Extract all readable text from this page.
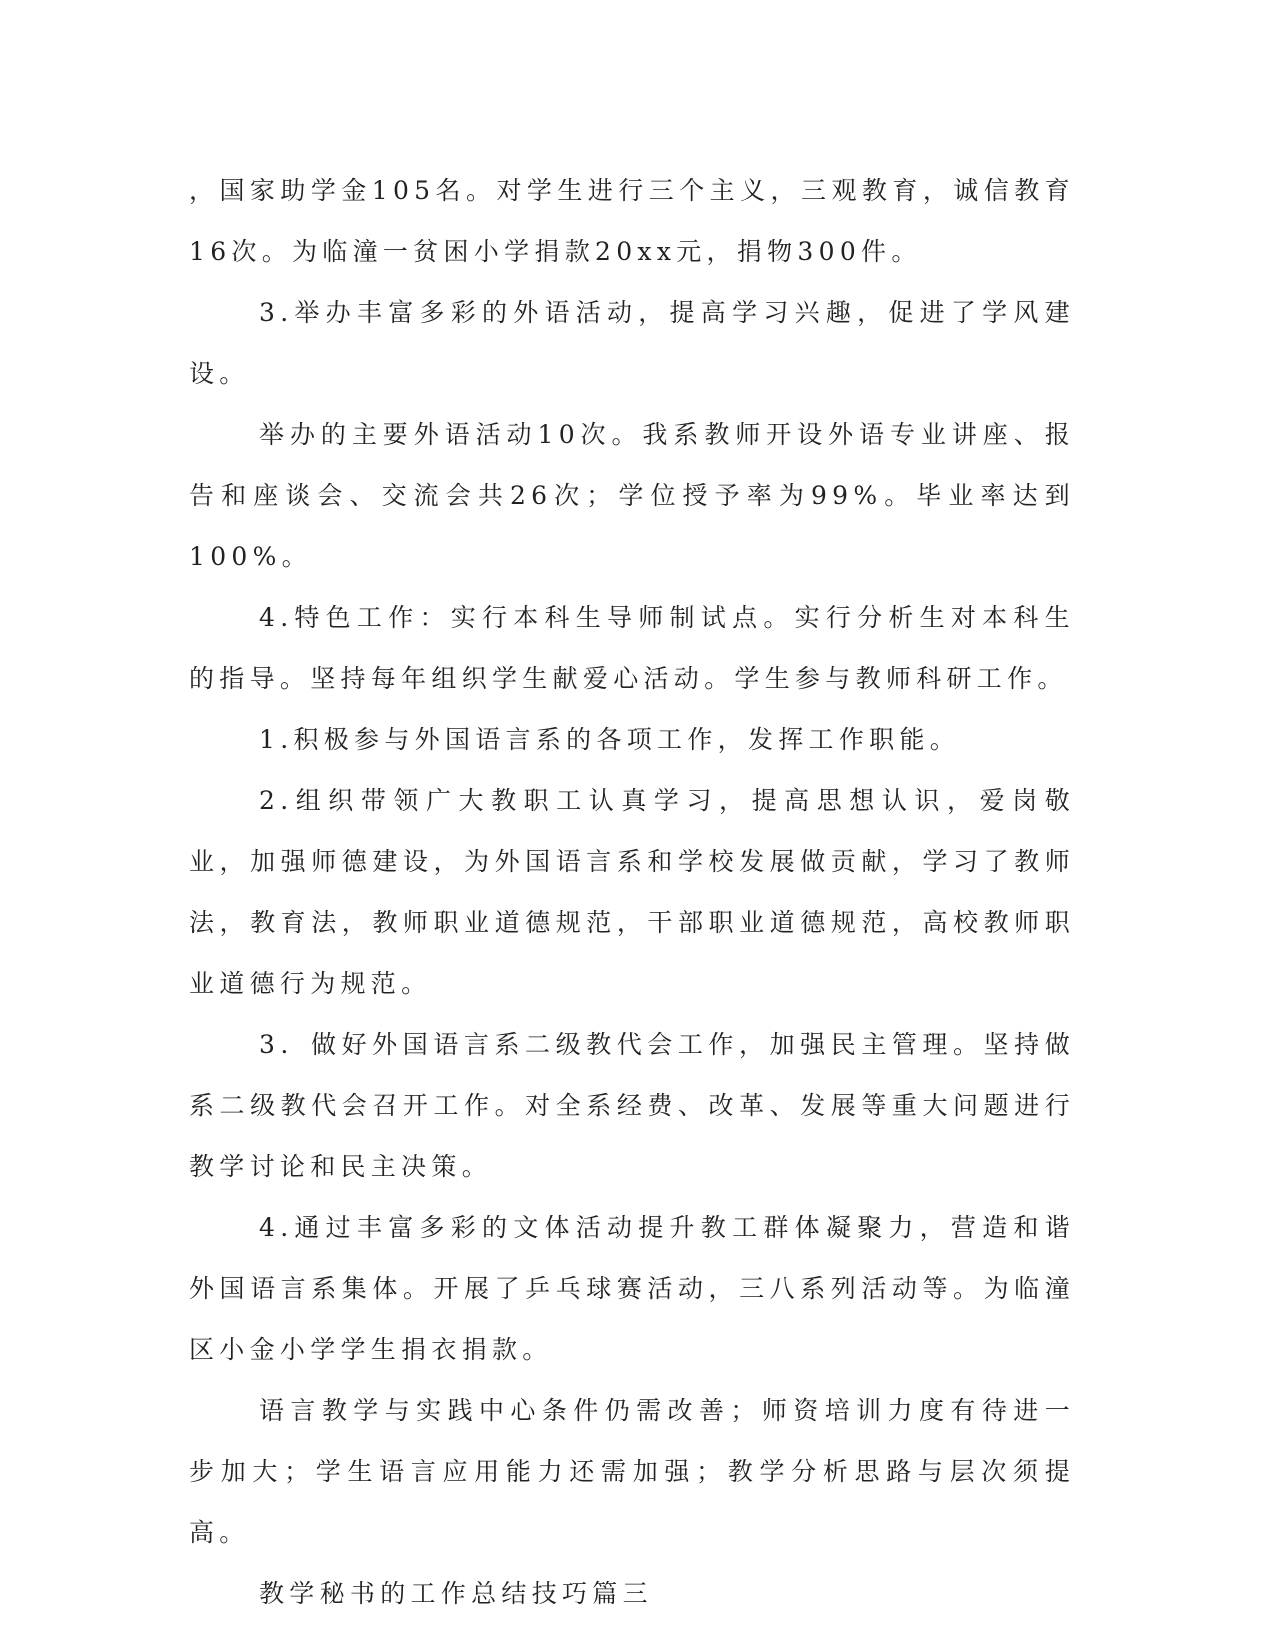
，国家助学金105名。对学生进行三个主义，三观教育，诚信教育16次。为临潼一贫困小学捐款20xx元，捐物300件。

3.举办丰富多彩的外语活动，提高学习兴趣，促进了学风建设。

举办的主要外语活动10次。我系教师开设外语专业讲座、报告和座谈会、交流会共26次；学位授予率为99%。毕业率达到100%。

4.特色工作：实行本科生导师制试点。实行分析生对本科生的指导。坚持每年组织学生献爱心活动。学生参与教师科研工作。

1.积极参与外国语言系的各项工作，发挥工作职能。

2.组织带领广大教职工认真学习，提高思想认识，爱岗敬业，加强师德建设，为外国语言系和学校发展做贡献，学习了教师法，教育法，教师职业道德规范，干部职业道德规范，高校教师职业道德行为规范。

3．做好外国语言系二级教代会工作，加强民主管理。坚持做系二级教代会召开工作。对全系经费、改革、发展等重大问题进行教学讨论和民主决策。

4.通过丰富多彩的文体活动提升教工群体凝聚力，营造和谐外国语言系集体。开展了乒乓球赛活动，三八系列活动等。为临潼区小金小学学生捐衣捐款。

语言教学与实践中心条件仍需改善；师资培训力度有待进一步加大；学生语言应用能力还需加强；教学分析思路与层次须提高。

教学秘书的工作总结技巧篇三
